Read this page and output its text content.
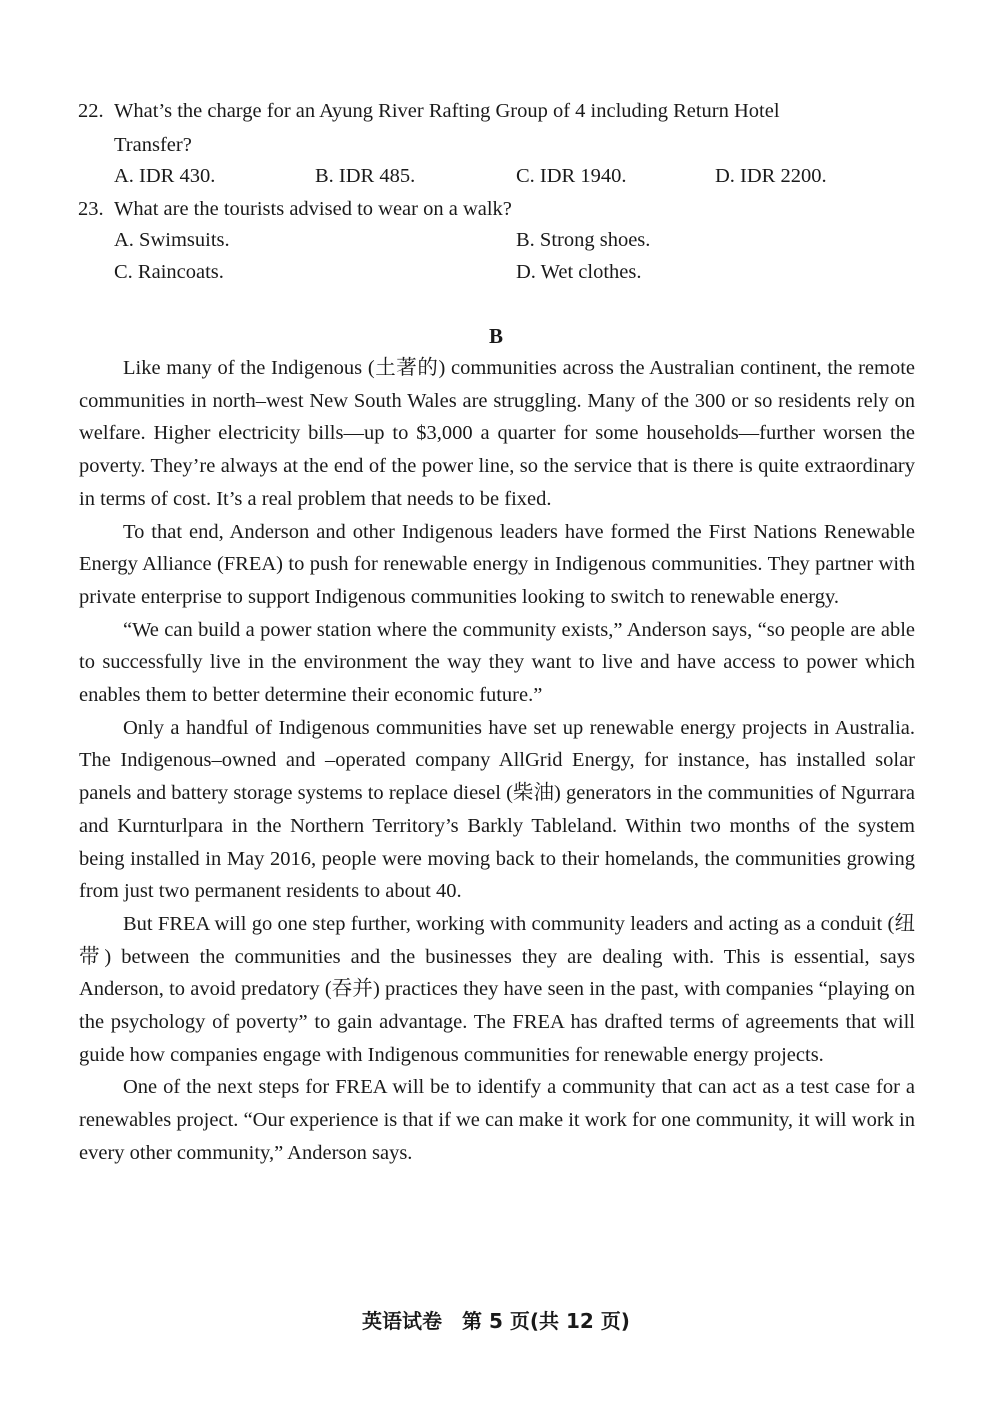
22. What’s the charge for an Ayung River Rafting Group of 4 including Return Hotel
Transfer?
A. IDR 430.	B. IDR 485.	C. IDR 1940.	D. IDR 2200.
23. What are the tourists advised to wear on a walk?
A. Swimsuits.	B. Strong shoes.
C. Raincoats.	D. Wet clothes.
B

Like many of the Indigenous (土著的) communities across the Australian continent, the remote communities in north–west New South Wales are struggling. Many of the 300 or so residents rely on welfare. Higher electricity bills—up to $3,000 a quarter for some households—further worsen the poverty. They’re always at the end of the power line, so the service that is there is quite extraordinary in terms of cost. It’s a real problem that needs to be fixed.

To that end, Anderson and other Indigenous leaders have formed the First Nations Renewable Energy Alliance (FREA) to push for renewable energy in Indigenous communities. They partner with private enterprise to support Indigenous communities looking to switch to renewable energy.

“We can build a power station where the community exists,” Anderson says, “so people are able to successfully live in the environment the way they want to live and have access to power which enables them to better determine their economic future.”

Only a handful of Indigenous communities have set up renewable energy projects in Australia. The Indigenous–owned and –operated company AllGrid Energy, for instance, has installed solar panels and battery storage systems to replace diesel (柴油) generators in the communities of Ngurrara and Kurnturlpara in the Northern Territory’s Barkly Tableland. Within two months of the system being installed in May 2016, people were moving back to their homelands, the communities growing from just two permanent residents to about 40.

But FREA will go one step further, working with community leaders and acting as a conduit (纽带) between the communities and the businesses they are dealing with. This is essential, says Anderson, to avoid predatory (吞并) practices they have seen in the past, with companies “playing on the psychology of poverty” to gain advantage. The FREA has drafted terms of agreements that will guide how companies engage with Indigenous communities for renewable energy projects.

One of the next steps for FREA will be to identify a community that can act as a test case for a renewables project. “Our experience is that if we can make it work for one community, it will work in every other community,” Anderson says.

英语试卷　第 5 页(共 12 页)
